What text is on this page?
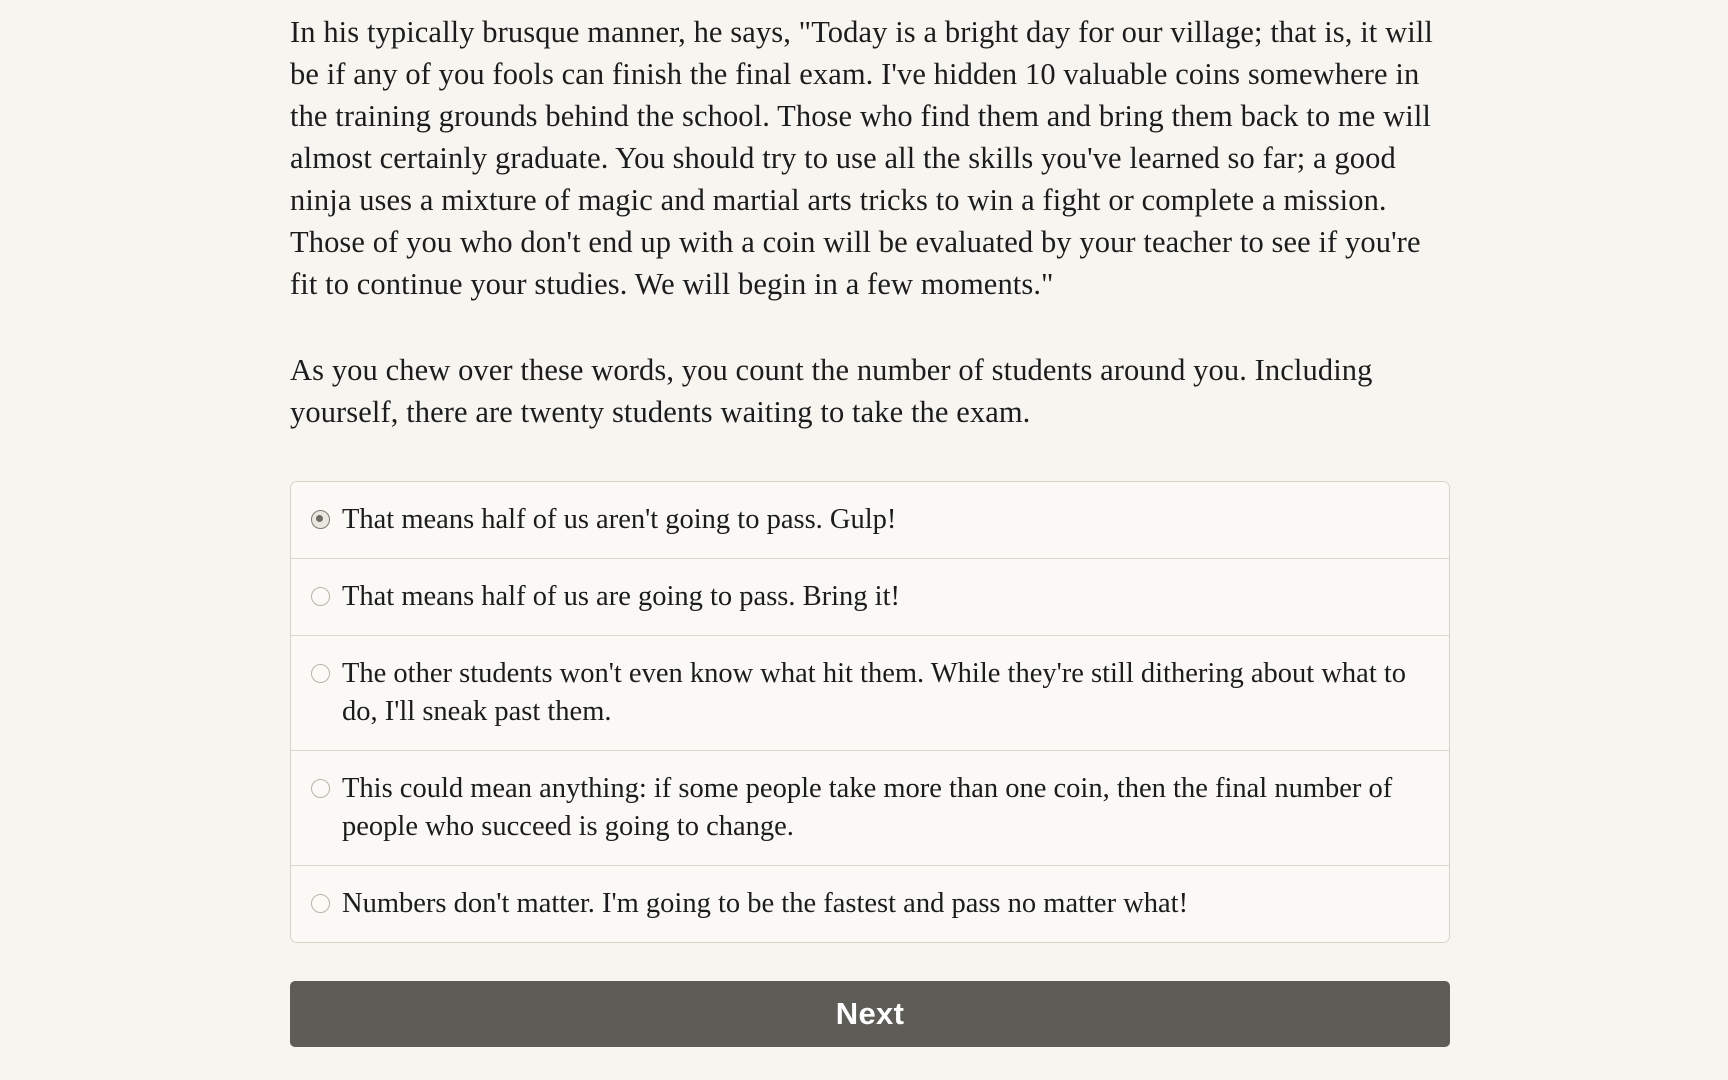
In his typically brusque manner, he says, "Today is a bright day for our village; that is, it will be if any of you fools can finish the final exam. I've hidden 10 valuable coins somewhere in the training grounds behind the school. Those who find them and bring them back to me will almost certainly graduate. You should try to use all the skills you've learned so far; a good ninja uses a mixture of magic and martial arts tricks to win a fight or complete a mission. Those of you who don't end up with a coin will be evaluated by your teacher to see if you're fit to continue your studies. We will begin in a few moments."

As you chew over these words, you count the number of students around you. Including yourself, there are twenty students waiting to take the exam.

That means half of us aren't going to pass. Gulp!
That means half of us are going to pass. Bring it!
The other students won't even know what hit them. While they're still dithering about what to do, I'll sneak past them.
This could mean anything: if some people take more than one coin, then the final number of people who succeed is going to change.
Numbers don't matter. I'm going to be the fastest and pass no matter what!
Next
